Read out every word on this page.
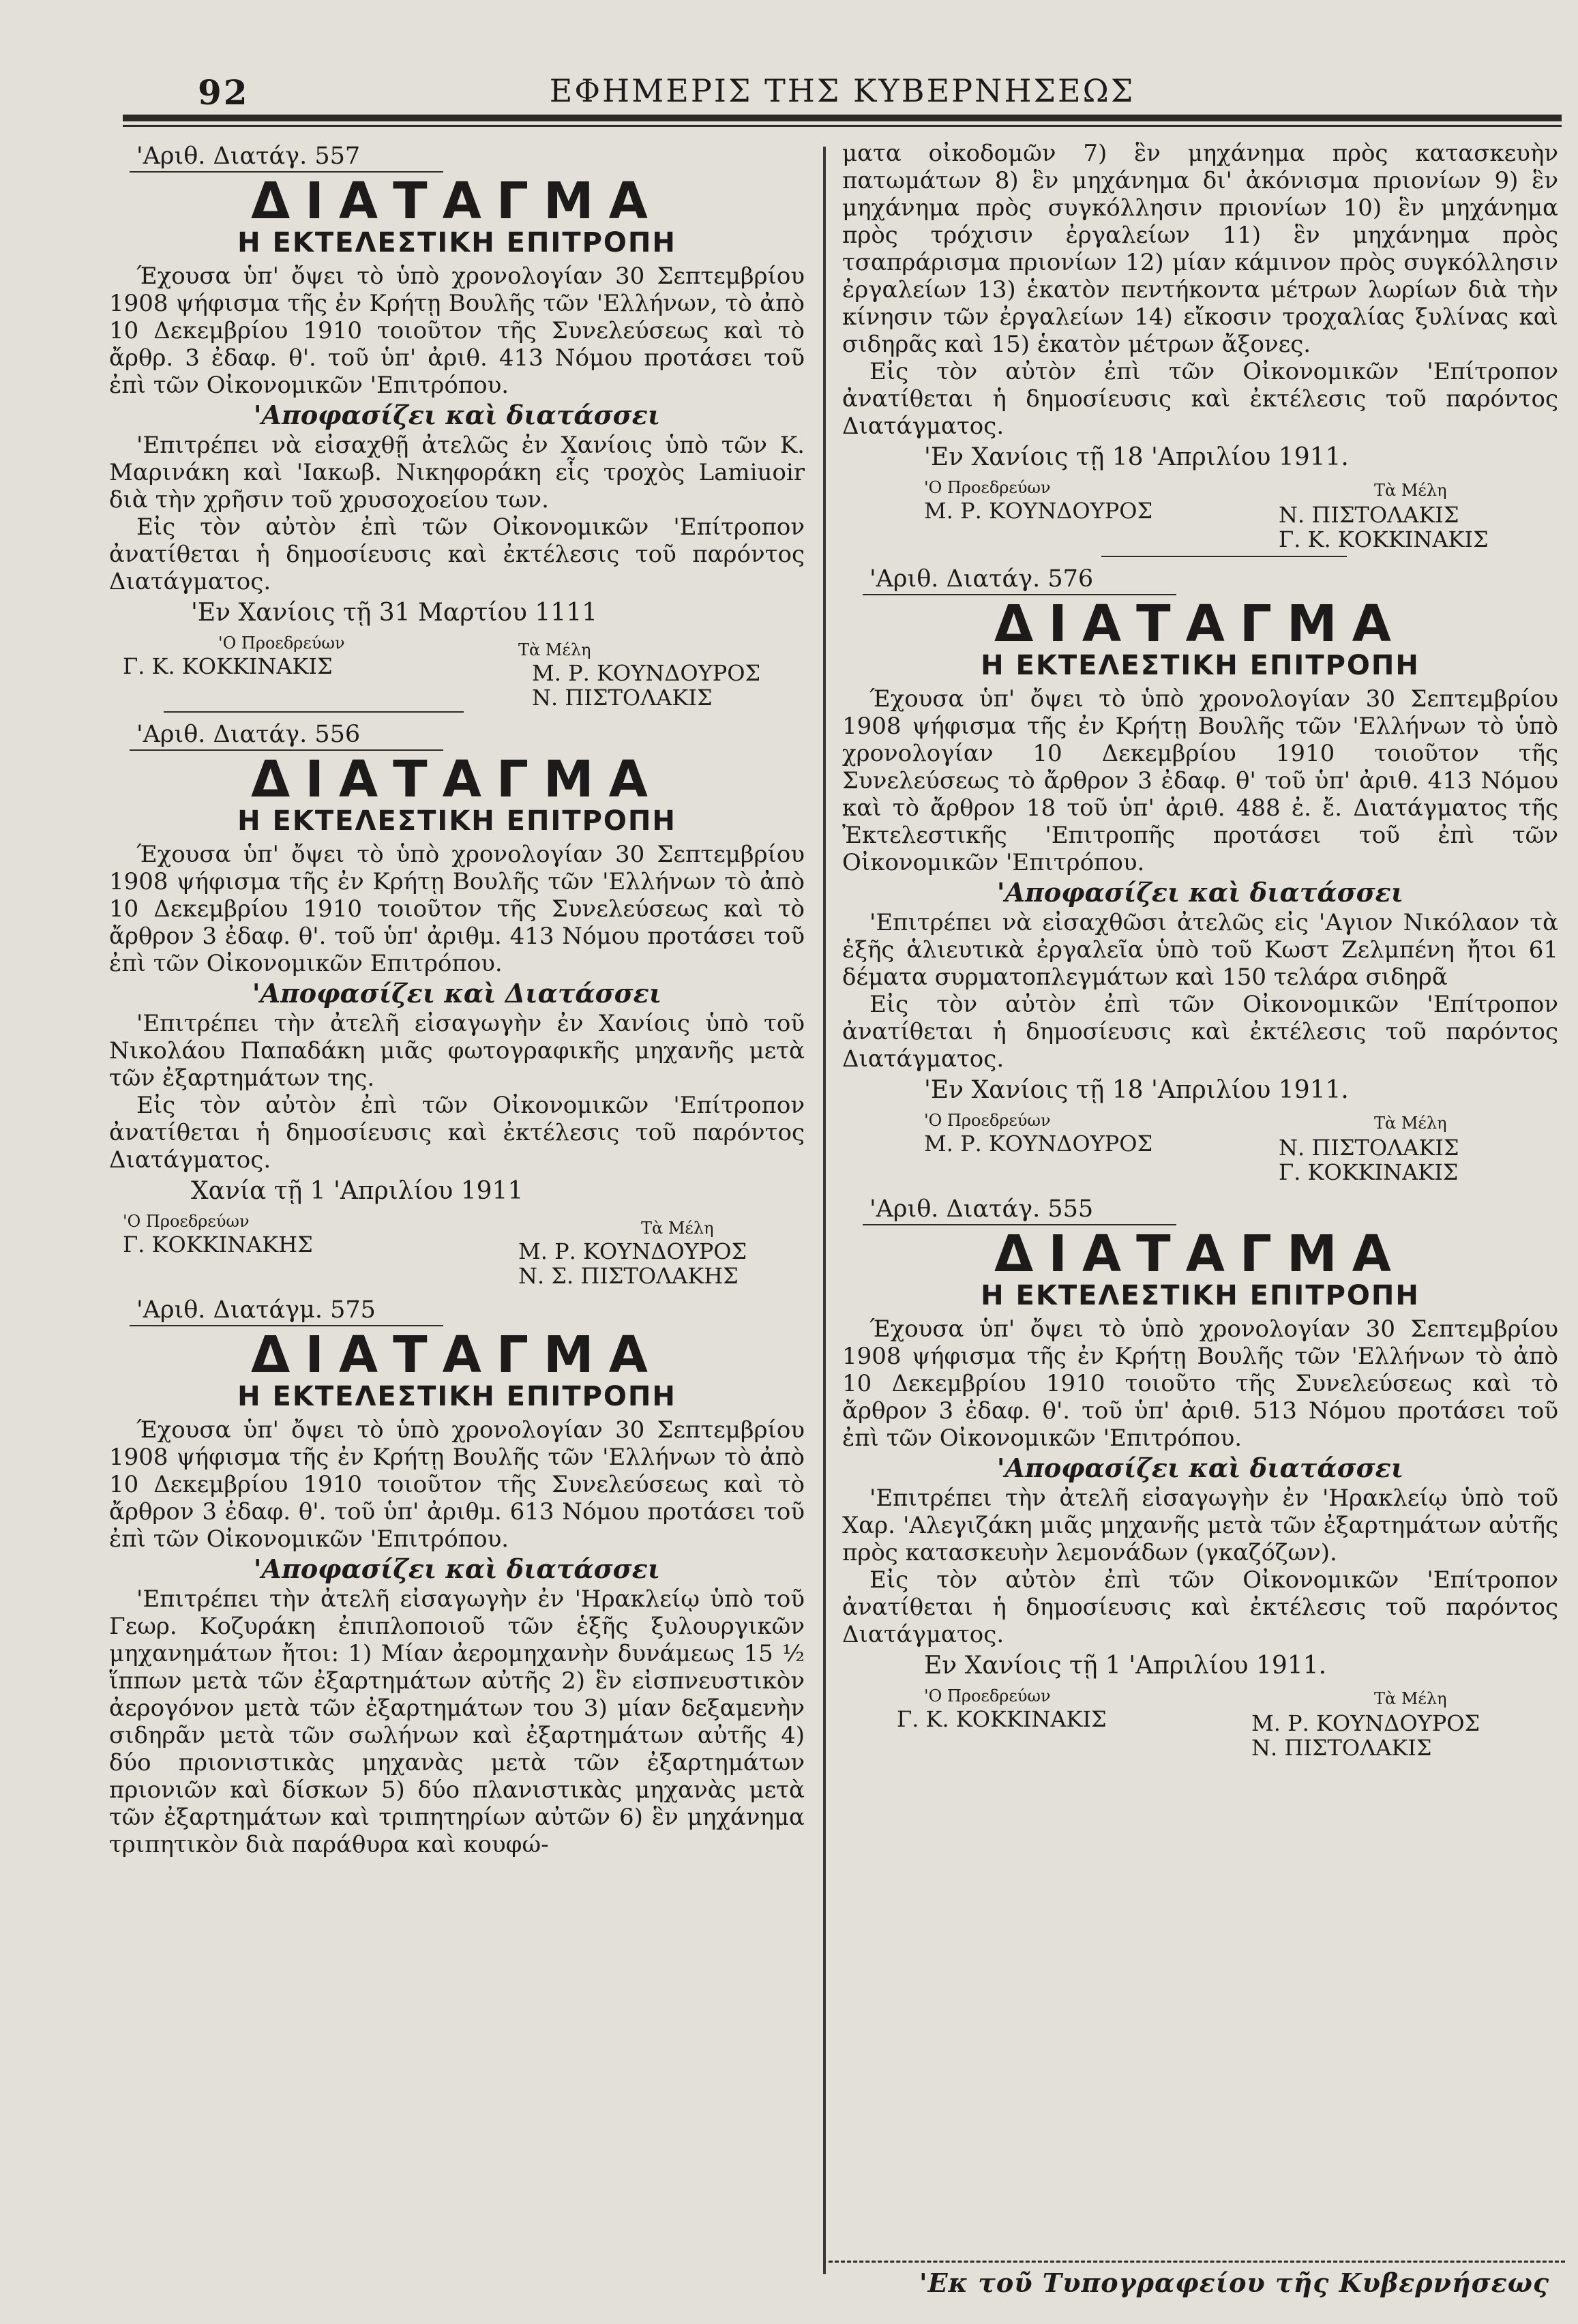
92	ΕΦΗΜΕΡΙΣ ΤΗΣ ΚΥΒΕΡΝΗΣΕΩΣ
'Αριθ. Διατάγ. 557
ΔΙΑΤΑΓΜΑ
Η ΕΚΤΕΛΕΣΤΙΚΗ ΕΠΙΤΡΟΠΗ

Έχουσα ὑπ' ὄψει τὸ ὑπὸ χρονολογίαν 30 Σεπτεμβρίου 1908 ψήφισμα τῆς ἐν Κρήτῃ Βουλῆς τῶν 'Ελλήνων, τὸ ἀπὸ 10 Δεκεμβρίου 1910 τοιοῦτον τῆς Συνελεύσεως καὶ τὸ ἄρθρ. 3 ἐδαφ. θ'. τοῦ ὑπ' ἀριθ. 413 Νόμου προτάσει τοῦ ἐπὶ τῶν Οἰκονομικῶν 'Επιτρόπου.

'Αποφασίζει καὶ διατάσσει

'Επιτρέπει νὰ εἰσαχθῇ ἀτελῶς ἐν Χανίοις ὑπὸ τῶν Κ. Μαρινάκη καὶ 'Ιακωβ. Νικηφοράκη εἷς τροχὸς Lamiuoir διὰ τὴν χρῆσιν τοῦ χρυσοχοείου των.

Εἰς τὸν αὐτὸν ἐπὶ τῶν Οἰκονομικῶν 'Επίτροπον ἀνατίθεται ἡ δημοσίευσις καὶ ἐκτέλεσις τοῦ παρόντος Διατάγματος.

'Εν Χανίοις τῇ 31 Μαρτίου 1111
'Ο Προεδρεύων
Γ. Κ. ΚΟΚΚΙΝΑΚΙΣ
Τὰ Μέλη
Μ. Ρ. ΚΟΥΝΔΟΥΡΟΣ
Ν. ΠΙΣΤΟΛΑΚΙΣ
'Αριθ. Διατάγ. 556
ΔΙΑΤΑΓΜΑ
Η ΕΚΤΕΛΕΣΤΙΚΗ ΕΠΙΤΡΟΠΗ

Έχουσα ὑπ' ὄψει τὸ ὑπὸ χρονολογίαν 30 Σεπτεμβρίου 1908 ψήφισμα τῆς ἐν Κρήτῃ Βουλῆς τῶν 'Ελλήνων τὸ ἀπὸ 10 Δεκεμβρίου 1910 τοιοῦτον τῆς Συνελεύσεως καὶ τὸ ἄρθρον 3 ἐδαφ. θ'. τοῦ ὑπ' ἀριθμ. 413 Νόμου προτάσει τοῦ ἐπὶ τῶν Οἰκονομικῶν Επιτρόπου.

'Αποφασίζει καὶ Διατάσσει

'Επιτρέπει τὴν ἀτελῆ εἰσαγωγὴν ἐν Χανίοις ὑπὸ τοῦ Νικολάου Παπαδάκη μιᾶς φωτογραφικῆς μηχανῆς μετὰ τῶν ἐξαρτημάτων της.

Εἰς τὸν αὐτὸν ἐπὶ τῶν Οἰκονομικῶν 'Επίτροπον ἀνατίθεται ἡ δημοσίευσις καὶ ἐκτέλεσις τοῦ παρόντος Διατάγματος.

Χανία τῇ 1 'Απριλίου 1911
'Ο Προεδρεύων
Γ. ΚΟΚΚΙΝΑΚΗΣ
Τὰ Μέλη
Μ. Ρ. ΚΟΥΝΔΟΥΡΟΣ
Ν. Σ. ΠΙΣΤΟΛΑΚΗΣ
'Αριθ. Διατάγμ. 575
ΔΙΑΤΑΓΜΑ
Η ΕΚΤΕΛΕΣΤΙΚΗ ΕΠΙΤΡΟΠΗ

Έχουσα ὑπ' ὄψει τὸ ὑπὸ χρονολογίαν 30 Σεπτεμβρίου 1908 ψήφισμα τῆς ἐν Κρήτῃ Βουλῆς τῶν 'Ελλήνων τὸ ἀπὸ 10 Δεκεμβρίου 1910 τοιοῦτον τῆς Συνελεύσεως καὶ τὸ ἄρθρον 3 ἐδαφ. θ'. τοῦ ὑπ' ἀριθμ. 613 Νόμου προτάσει τοῦ ἐπὶ τῶν Οἰκονομικῶν 'Επιτρόπου.

'Αποφασίζει καὶ διατάσσει

'Επιτρέπει τὴν ἀτελῆ εἰσαγωγὴν ἐν 'Ηρακλείῳ ὑπὸ τοῦ Γεωρ. Κοζυράκη ἐπιπλοποιοῦ τῶν ἑξῆς ξυλουργικῶν μηχανημάτων ἤτοι: 1) Μίαν ἀερομηχανὴν δυνάμεως 15 ½ ἵππων μετὰ τῶν ἐξαρτημάτων αὐτῆς 2) ἓν εἰσπνευστικὸν ἀερογόνον μετὰ τῶν ἐξαρτημάτων του 3) μίαν δεξαμενὴν σιδηρᾶν μετὰ τῶν σωλήνων καὶ ἐξαρτημάτων αὐτῆς 4) δύο πριονιστικὰς μηχανὰς μετὰ τῶν ἐξαρτημάτων πριονιῶν καὶ δίσκων 5) δύο πλανιστικὰς μηχανὰς μετὰ τῶν ἐξαρτημάτων καὶ τριπητηρίων αὐτῶν 6) ἓν μηχάνημα τριπητικὸν διὰ παράθυρα καὶ κουφώ-

ματα οἰκοδομῶν 7) ἓν μηχάνημα πρὸς κατασκευὴν πατωμάτων 8) ἓν μηχάνημα δι' ἀκόνισμα πριονίων 9) ἓν μηχάνημα πρὸς συγκόλλησιν πριονίων 10) ἓν μηχάνημα πρὸς τρόχισιν ἐργαλείων 11) ἓν μηχάνημα πρὸς τσαπράρισμα πριονίων 12) μίαν κάμινον πρὸς συγκόλλησιν ἐργαλείων 13) ἑκατὸν πεντήκοντα μέτρων λωρίων διὰ τὴν κίνησιν τῶν ἐργαλείων 14) εἴκοσιν τροχαλίας ξυλίνας καὶ σιδηρᾶς καὶ 15) ἑκατὸν μέτρων ἄξονες.

Εἰς τὸν αὐτὸν ἐπὶ τῶν Οἰκονομικῶν 'Επίτροπον ἀνατίθεται ἡ δημοσίευσις καὶ ἐκτέλεσις τοῦ παρόντος Διατάγματος.

'Εν Χανίοις τῇ 18 'Απριλίου 1911.
'Ο Προεδρεύων
Μ. Ρ. ΚΟΥΝΔΟΥΡΟΣ
Τὰ Μέλη
Ν. ΠΙΣΤΟΛΑΚΙΣ
Γ. Κ. ΚΟΚΚΙΝΑΚΙΣ
'Αριθ. Διατάγ. 576
ΔΙΑΤΑΓΜΑ
Η ΕΚΤΕΛΕΣΤΙΚΗ ΕΠΙΤΡΟΠΗ

Έχουσα ὑπ' ὄψει τὸ ὑπὸ χρονολογίαν 30 Σεπτεμβρίου 1908 ψήφισμα τῆς ἐν Κρήτῃ Βουλῆς τῶν 'Ελλήνων τὸ ὑπὸ χρονολογίαν 10 Δεκεμβρίου 1910 τοιοῦτον τῆς Συνελεύσεως τὸ ἄρθρον 3 ἐδαφ. θ' τοῦ ὑπ' ἀριθ. 413 Νόμου καὶ τὸ ἄρθρον 18 τοῦ ὑπ' ἀριθ. 488 ἐ. ἔ. Διατάγματος τῆς Ἐκτελεστικῆς 'Επιτροπῆς προτάσει τοῦ ἐπὶ τῶν Οἰκονομικῶν 'Επιτρόπου.

'Αποφασίζει καὶ διατάσσει

'Επιτρέπει νὰ εἰσαχθῶσι ἀτελῶς εἰς 'Αγιον Νικόλαον τὰ ἑξῆς ἁλιευτικὰ ἐργαλεῖα ὑπὸ τοῦ Κωστ Ζελμπένη ἤτοι 61 δέματα συρματοπλεγμάτων καὶ 150 τελάρα σιδηρᾶ

Εἰς τὸν αὐτὸν ἐπὶ τῶν Οἰκονομικῶν 'Επίτροπον ἀνατίθεται ἡ δημοσίευσις καὶ ἐκτέλεσις τοῦ παρόντος Διατάγματος.

'Εν Χανίοις τῇ 18 'Απριλίου 1911.
'Ο Προεδρεύων
Μ. Ρ. ΚΟΥΝΔΟΥΡΟΣ
Τὰ Μέλη
Ν. ΠΙΣΤΟΛΑΚΙΣ
Γ. ΚΟΚΚΙΝΑΚΙΣ
'Αριθ. Διατάγ. 555
ΔΙΑΤΑΓΜΑ
Η ΕΚΤΕΛΕΣΤΙΚΗ ΕΠΙΤΡΟΠΗ

Έχουσα ὑπ' ὄψει τὸ ὑπὸ χρονολογίαν 30 Σεπτεμβρίου 1908 ψήφισμα τῆς ἐν Κρήτῃ Βουλῆς τῶν 'Ελλήνων τὸ ἀπὸ 10 Δεκεμβρίου 1910 τοιοῦτο τῆς Συνελεύσεως καὶ τὸ ἄρθρον 3 ἐδαφ. θ'. τοῦ ὑπ' ἀριθ. 513 Νόμου προτάσει τοῦ ἐπὶ τῶν Οἰκονομικῶν 'Επιτρόπου.

'Αποφασίζει καὶ διατάσσει

'Επιτρέπει τὴν ἀτελῆ εἰσαγωγὴν ἐν 'Ηρακλείῳ ὑπὸ τοῦ Χαρ. 'Αλεγιζάκη μιᾶς μηχανῆς μετὰ τῶν ἐξαρτημάτων αὐτῆς πρὸς κατασκευὴν λεμονάδων (γκαζόζων).

Εἰς τὸν αὐτὸν ἐπὶ τῶν Οἰκονομικῶν 'Επίτροπον ἀνατίθεται ἡ δημοσίευσις καὶ ἐκτέλεσις τοῦ παρόντος Διατάγματος.

Εν Χανίοις τῇ 1 'Απριλίου 1911.
'Ο Προεδρεύων
Γ. Κ. ΚΟΚΚΙΝΑΚΙΣ
Τὰ Μέλη
Μ. Ρ. ΚΟΥΝΔΟΥΡΟΣ
Ν. ΠΙΣΤΟΛΑΚΙΣ
'Εκ τοῦ Τυπογραφείου τῆς Κυβερνήσεως
